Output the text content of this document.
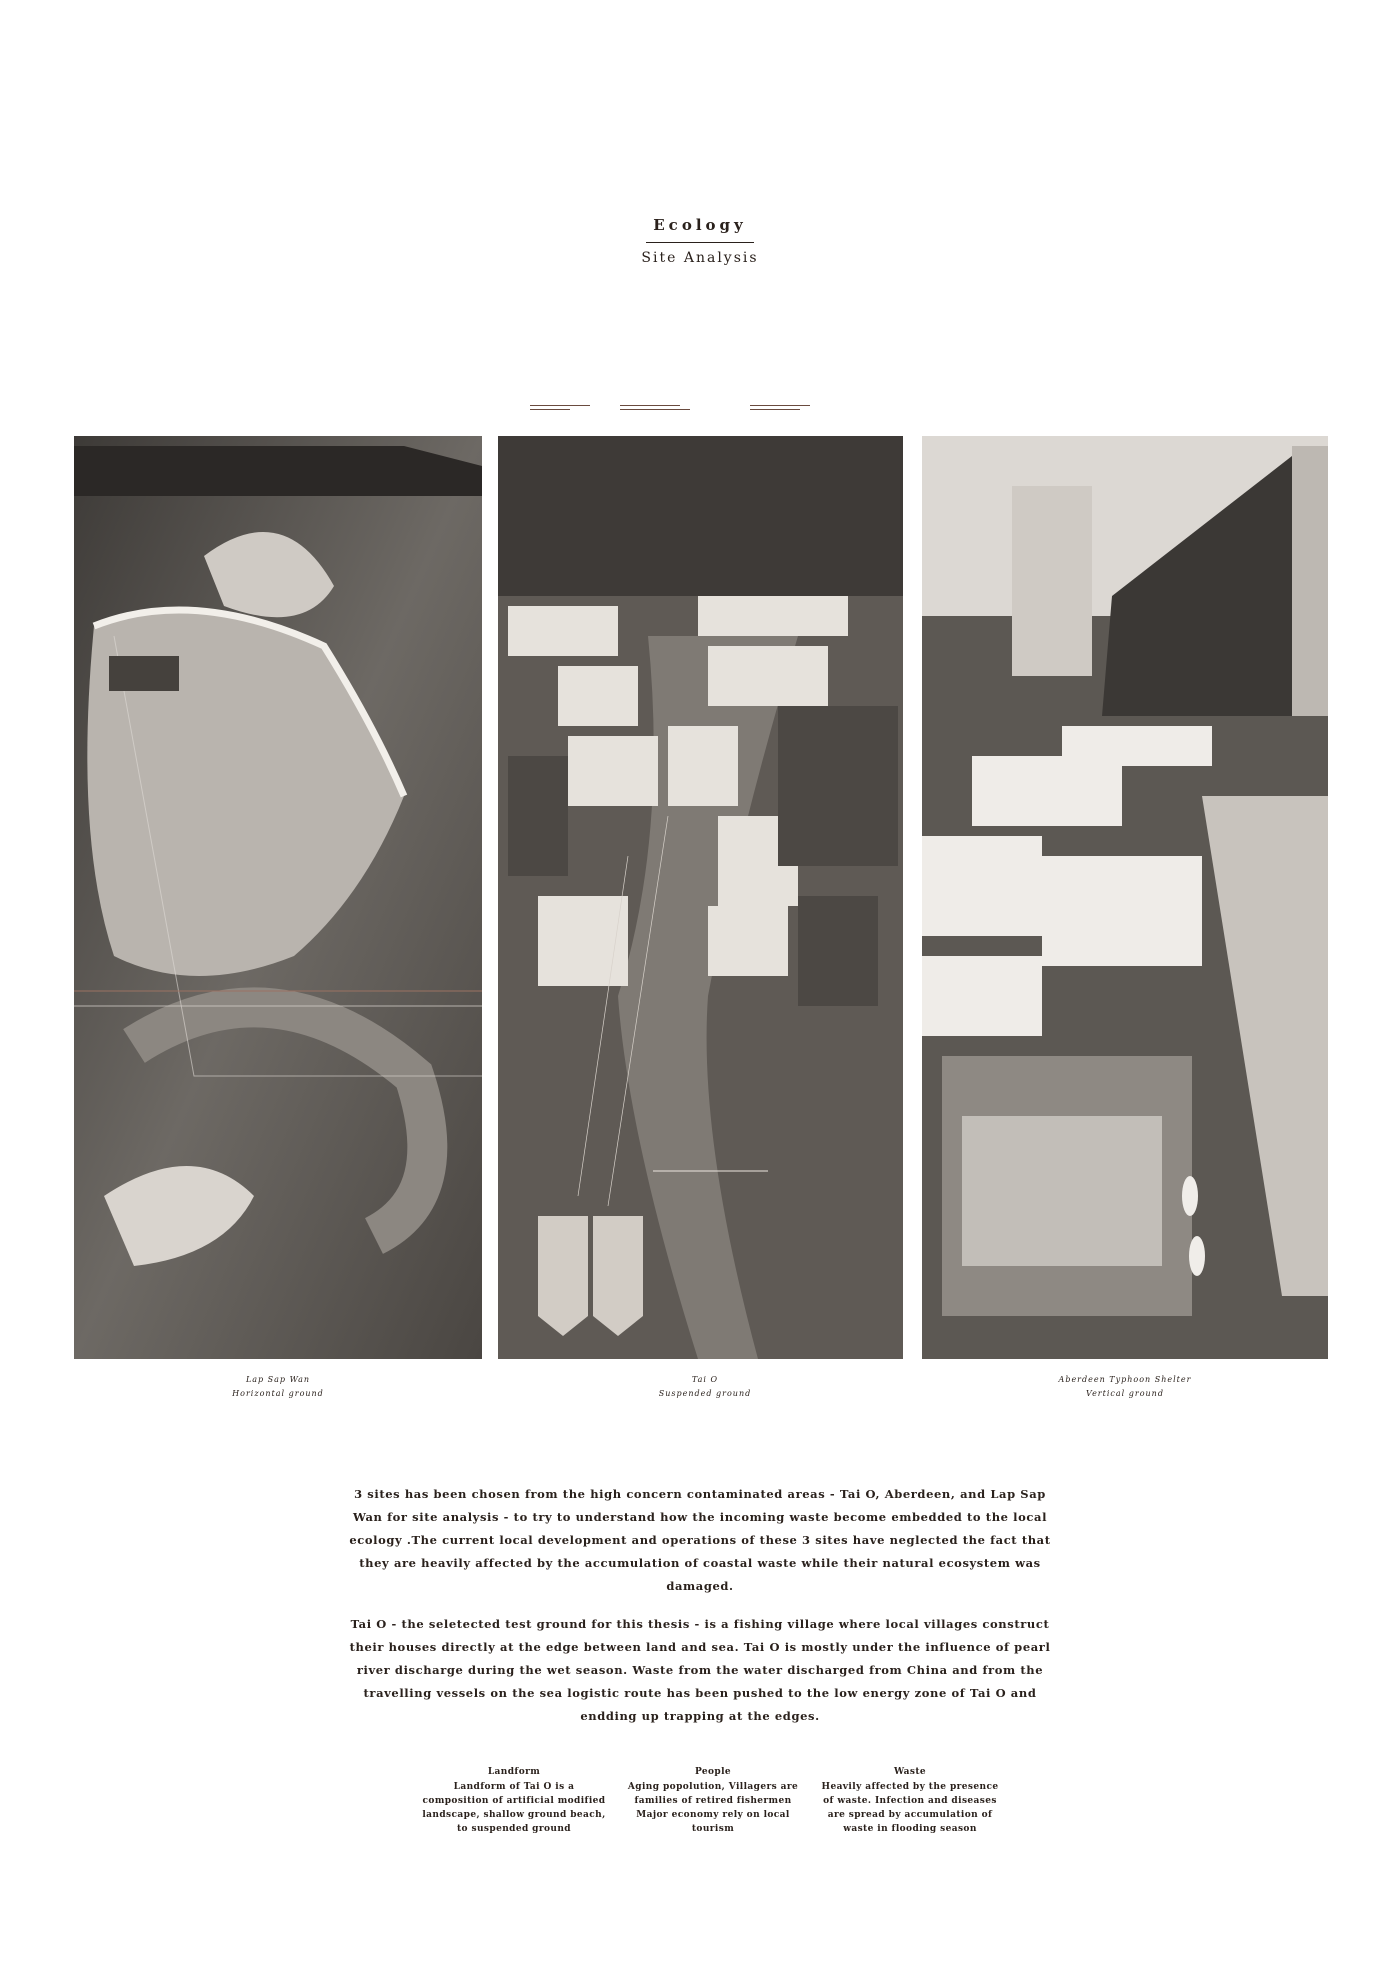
Ecology
Site Analysis
Lap Sap Wan
Horizontal ground
Tai O
Suspended ground
Aberdeen Typhoon Shelter
Vertical ground
3 sites has been chosen from the high concern contaminated areas - Tai O, Aberdeen, and Lap Sap Wan for site analysis - to try to understand how the incoming waste become embedded to the local ecology .The current local development and operations of these 3 sites have neglected the fact that they are heavily affected by the accumulation of coastal waste while their natural ecosystem was damaged.
Tai O - the seletected test ground for this thesis - is a fishing village where local villages construct their houses directly at the edge between land and sea. Tai O is mostly under the influence of pearl river discharge during the wet season. Waste from the water discharged from China and from the travelling vessels on the sea logistic route has been pushed to the low energy zone of Tai O and endding up trapping at the edges.
Landform
Landform of Tai O is a composition of artificial modified landscape, shallow ground beach, to suspended ground
People
Aging popolution, Villagers are families of retired fishermen Major economy rely on local tourism
Waste
Heavily affected by the presence of waste. Infection and diseases are spread by accumulation of waste in flooding season
